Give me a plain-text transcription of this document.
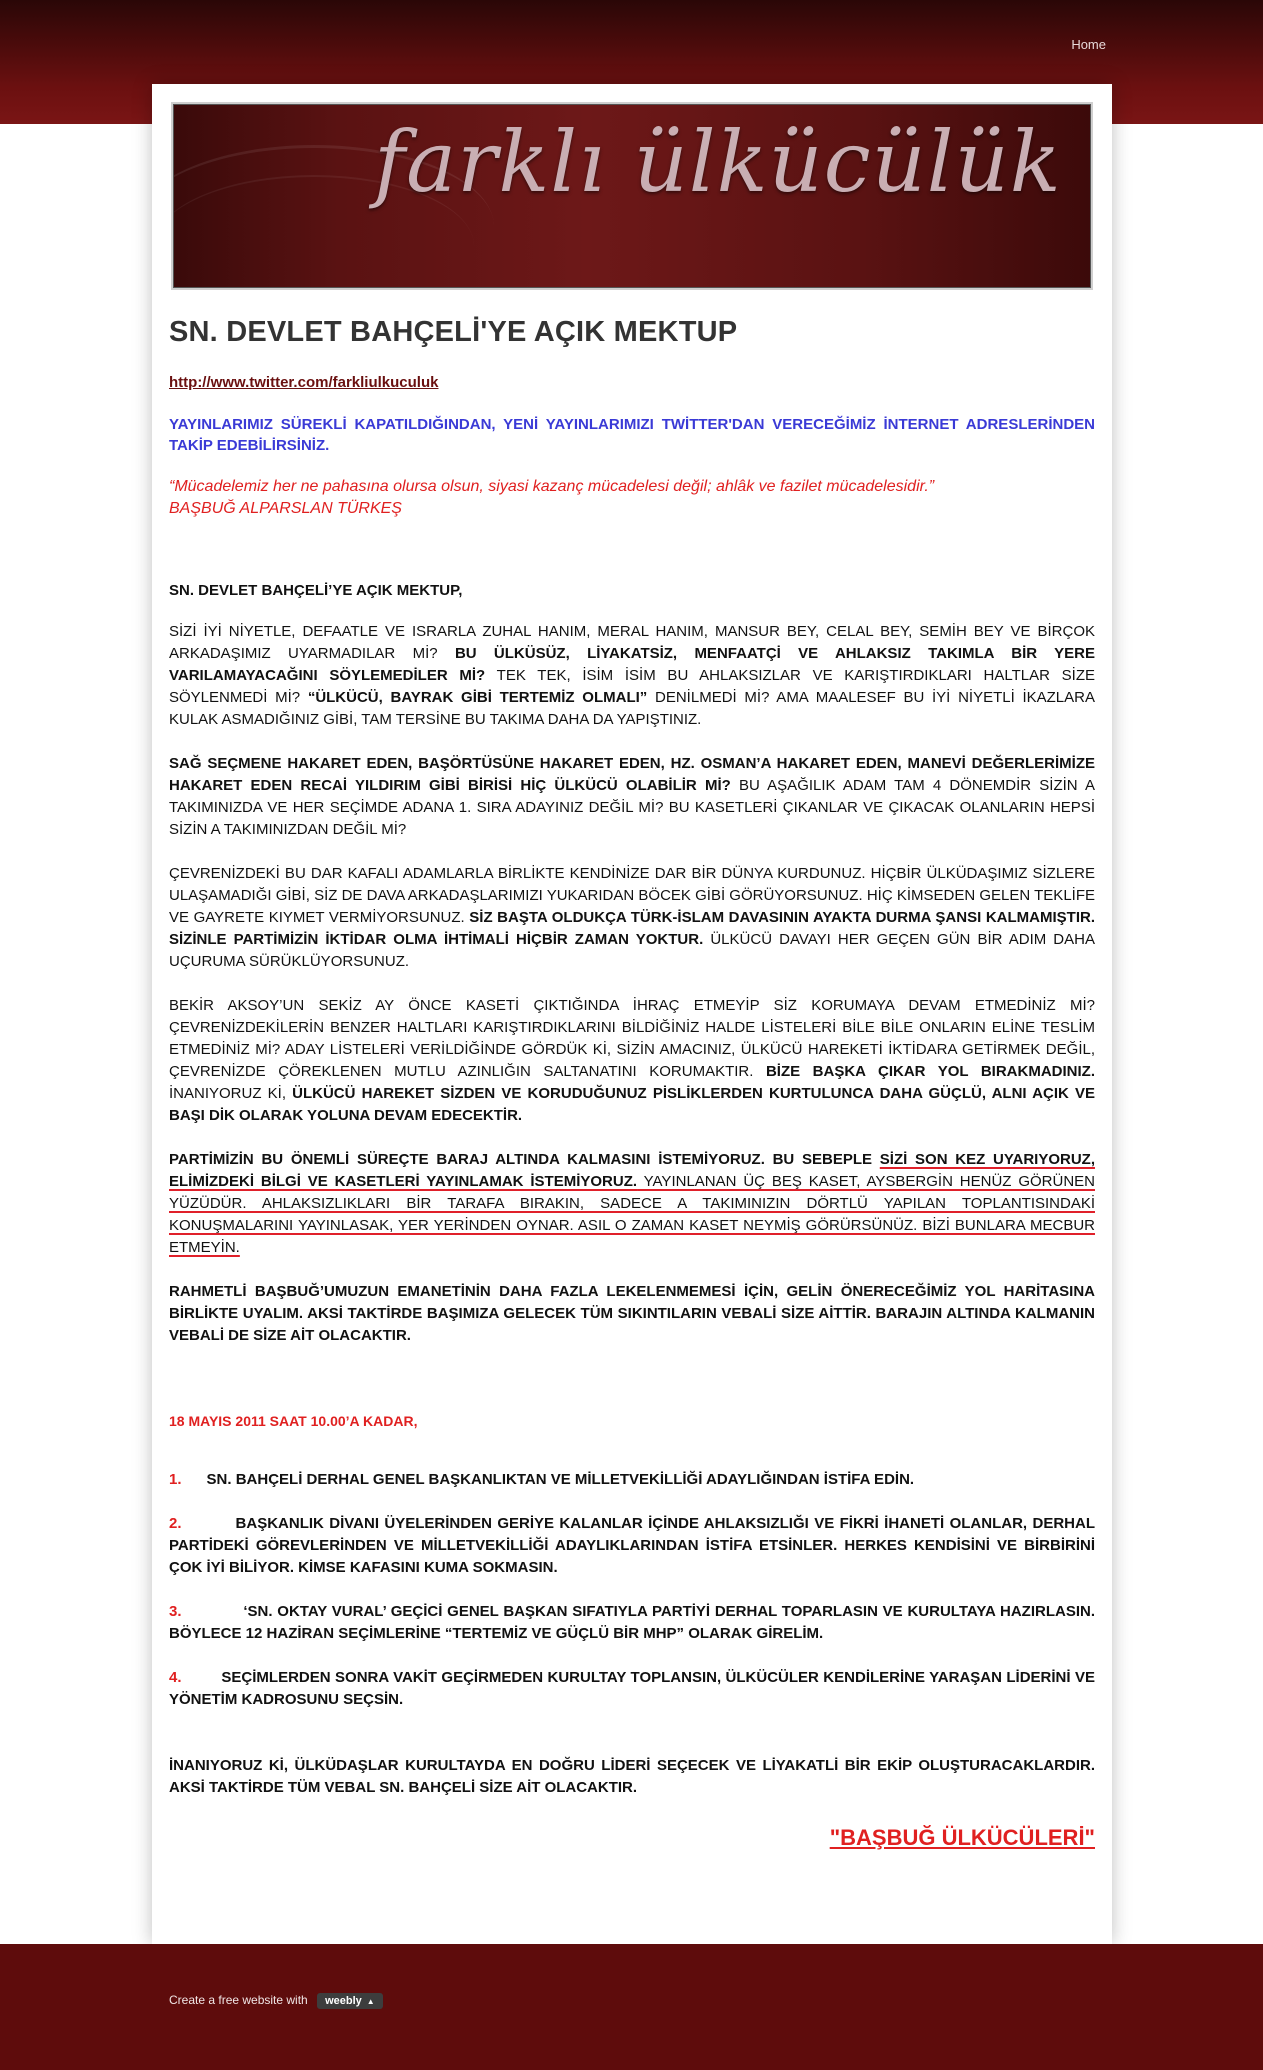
Home
farklı ülkücülük
SN. DEVLET BAHÇELİ'YE AÇIK MEKTUP
http://www.twitter.com/farkliulkuculuk
YAYINLARIMIZ SÜREKLİ KAPATILDIĞINDAN, YENİ YAYINLARIMIZI TWİTTER'DAN VERECEĞİMİZ İNTERNET ADRESLERİNDEN TAKİP EDEBİLİRSİNİZ.
“Mücadelemiz her ne pahasına olursa olsun, siyasi kazanç mücadelesi değil; ahlâk ve fazilet mücadelesidir.”
BAŞBUĞ ALPARSLAN TÜRKEŞ
SN. DEVLET BAHÇELİ’YE AÇIK MEKTUP,

SİZİ İYİ NİYETLE, DEFAATLE VE ISRARLA ZUHAL HANIM, MERAL HANIM, MANSUR BEY, CELAL BEY, SEMİH BEY VE BİRÇOK ARKADAŞIMIZ UYARMADILAR Mİ? BU ÜLKÜSÜZ, LİYAKATSİZ, MENFAATÇİ VE AHLAKSIZ TAKIMLA BİR YERE VARILAMAYACAĞINI SÖYLEMEDİLER Mİ? TEK TEK, İSİM İSİM BU AHLAKSIZLAR VE KARIŞTIRDIKLARI HALTLAR SİZE SÖYLENMEDİ Mİ? “ÜLKÜCÜ, BAYRAK GİBİ TERTEMİZ OLMALI” DENİLMEDİ Mİ? AMA MAALESEF BU İYİ NİYETLİ İKAZLARA KULAK ASMADIĞINIZ GİBİ, TAM TERSİNE BU TAKIMA DAHA DA YAPIŞTINIZ.

SAĞ SEÇMENE HAKARET EDEN, BAŞÖRTÜSÜNE HAKARET EDEN, HZ. OSMAN’A HAKARET EDEN, MANEVİ DEĞERLERİMİZE HAKARET EDEN RECAİ YILDIRIM GİBİ BİRİSİ HİÇ ÜLKÜCÜ OLABİLİR Mİ? BU AŞAĞILIK ADAM TAM 4 DÖNEMDİR SİZİN A TAKIMINIZDA VE HER SEÇİMDE ADANA 1. SIRA ADAYINIZ DEĞİL Mİ? BU KASETLERİ ÇIKANLAR VE ÇIKACAK OLANLARIN HEPSİ SİZİN A TAKIMINIZDAN DEĞİL Mİ?

ÇEVRENİZDEKİ BU DAR KAFALI ADAMLARLA BİRLİKTE KENDİNİZE DAR BİR DÜNYA KURDUNUZ. HİÇBİR ÜLKÜDAŞIMIZ SİZLERE ULAŞAMADIĞI GİBİ, SİZ DE DAVA ARKADAŞLARIMIZI YUKARIDAN BÖCEK GİBİ GÖRÜYORSUNUZ. HİÇ KİMSEDEN GELEN TEKLİFE VE GAYRETE KIYMET VERMİYORSUNUZ. SİZ BAŞTA OLDUKÇA TÜRK-İSLAM DAVASININ AYAKTA DURMA ŞANSI KALMAMIŞTIR. SİZİNLE PARTİMİZİN İKTİDAR OLMA İHTİMALİ HİÇBİR ZAMAN YOKTUR. ÜLKÜCÜ DAVAYI HER GEÇEN GÜN BİR ADIM DAHA UÇURUMA SÜRÜKLÜYORSUNUZ.

BEKİR AKSOY’UN SEKİZ AY ÖNCE KASETİ ÇIKTIĞINDA İHRAÇ ETMEYİP SİZ KORUMAYA DEVAM ETMEDİNİZ Mİ? ÇEVRENİZDEKİLERİN BENZER HALTLARI KARIŞTIRDIKLARINI BİLDİĞİNİZ HALDE LİSTELERİ BİLE BİLE ONLARIN ELİNE TESLİM ETMEDİNİZ Mİ? ADAY LİSTELERİ VERİLDİĞİNDE GÖRDÜK Kİ, SİZİN AMACINIZ, ÜLKÜCÜ HAREKETİ İKTİDARA GETİRMEK DEĞİL, ÇEVRENİZDE ÇÖREKLENEN MUTLU AZINLIĞIN SALTANATINI KORUMAKTIR. BİZE BAŞKA ÇIKAR YOL BIRAKMADINIZ. İNANIYORUZ Kİ, ÜLKÜCÜ HAREKET SİZDEN VE KORUDUĞUNUZ PİSLİKLERDEN KURTULUNCA DAHA GÜÇLÜ, ALNI AÇIK VE BAŞI DİK OLARAK YOLUNA DEVAM EDECEKTİR.

PARTİMİZİN BU ÖNEMLİ SÜREÇTE BARAJ ALTINDA KALMASINI İSTEMİYORUZ. BU SEBEPLE SİZİ SON KEZ UYARIYORUZ, ELİMİZDEKİ BİLGİ VE KASETLERİ YAYINLAMAK İSTEMİYORUZ. YAYINLANAN ÜÇ BEŞ KASET, AYSBERGİN HENÜZ GÖRÜNEN YÜZÜDÜR. AHLAKSIZLIKLARI BİR TARAFA BIRAKIN, SADECE A TAKIMINIZIN DÖRTLÜ YAPILAN TOPLANTISINDAKİ KONUŞMALARINI YAYINLASAK, YER YERİNDEN OYNAR. ASIL O ZAMAN KASET NEYMİŞ GÖRÜRSÜNÜZ. BİZİ BUNLARA MECBUR ETMEYİN.

RAHMETLİ BAŞBUĞ’UMUZUN EMANETİNİN DAHA FAZLA LEKELENMEMESİ İÇİN, GELİN ÖNERECEĞİMİZ YOL HARİTASINA BİRLİKTE UYALIM. AKSİ TAKTİRDE BAŞIMIZA GELECEK TÜM SIKINTILARIN VEBALİ SİZE AİTTİR. BARAJIN ALTINDA KALMANIN VEBALİ DE SİZE AİT OLACAKTIR.

18 MAYIS 2011 SAAT 10.00’A KADAR,
1. SN. BAHÇELİ DERHAL GENEL BAŞKANLIKTAN VE MİLLETVEKİLLİĞİ ADAYLIĞINDAN İSTİFA EDİN.
2.	BAŞKANLIK DİVANI ÜYELERİNDEN GERİYE KALANLAR İÇİNDE AHLAKSIZLIĞI VE FİKRİ İHANETİ OLANLAR, DERHAL PARTİDEKİ GÖREVLERİNDEN VE MİLLETVEKİLLİĞİ ADAYLIKLARINDAN İSTİFA ETSİNLER. HERKES KENDİSİNİ VE BİRBİRİNİ ÇOK İYİ BİLİYOR. KİMSE KAFASINI KUMA SOKMASIN.
3.	‘SN. OKTAY VURAL’ GEÇİCİ GENEL BAŞKAN SIFATIYLA PARTİYİ DERHAL TOPARLASIN VE KURULTAYA HAZIRLASIN. BÖYLECE 12 HAZİRAN SEÇİMLERİNE “TERTEMİZ VE GÜÇLÜ BİR MHP” OLARAK GİRELİM.
4.	SEÇİMLERDEN SONRA VAKİT GEÇİRMEDEN KURULTAY TOPLANSIN, ÜLKÜCÜLER KENDİLERİNE YARAŞAN LİDERİNİ VE YÖNETİM KADROSUNU SEÇSİN.
İNANIYORUZ Kİ, ÜLKÜDAŞLAR KURULTAYDA EN DOĞRU LİDERİ SEÇECEK VE LİYAKATLİ BİR EKİP OLUŞTURACAKLARDIR. AKSİ TAKTİRDE TÜM VEBAL SN. BAHÇELİ SİZE AİT OLACAKTIR.
"BAŞBUĞ ÜLKÜCÜLERİ"
Create a free website with weebly ▲
